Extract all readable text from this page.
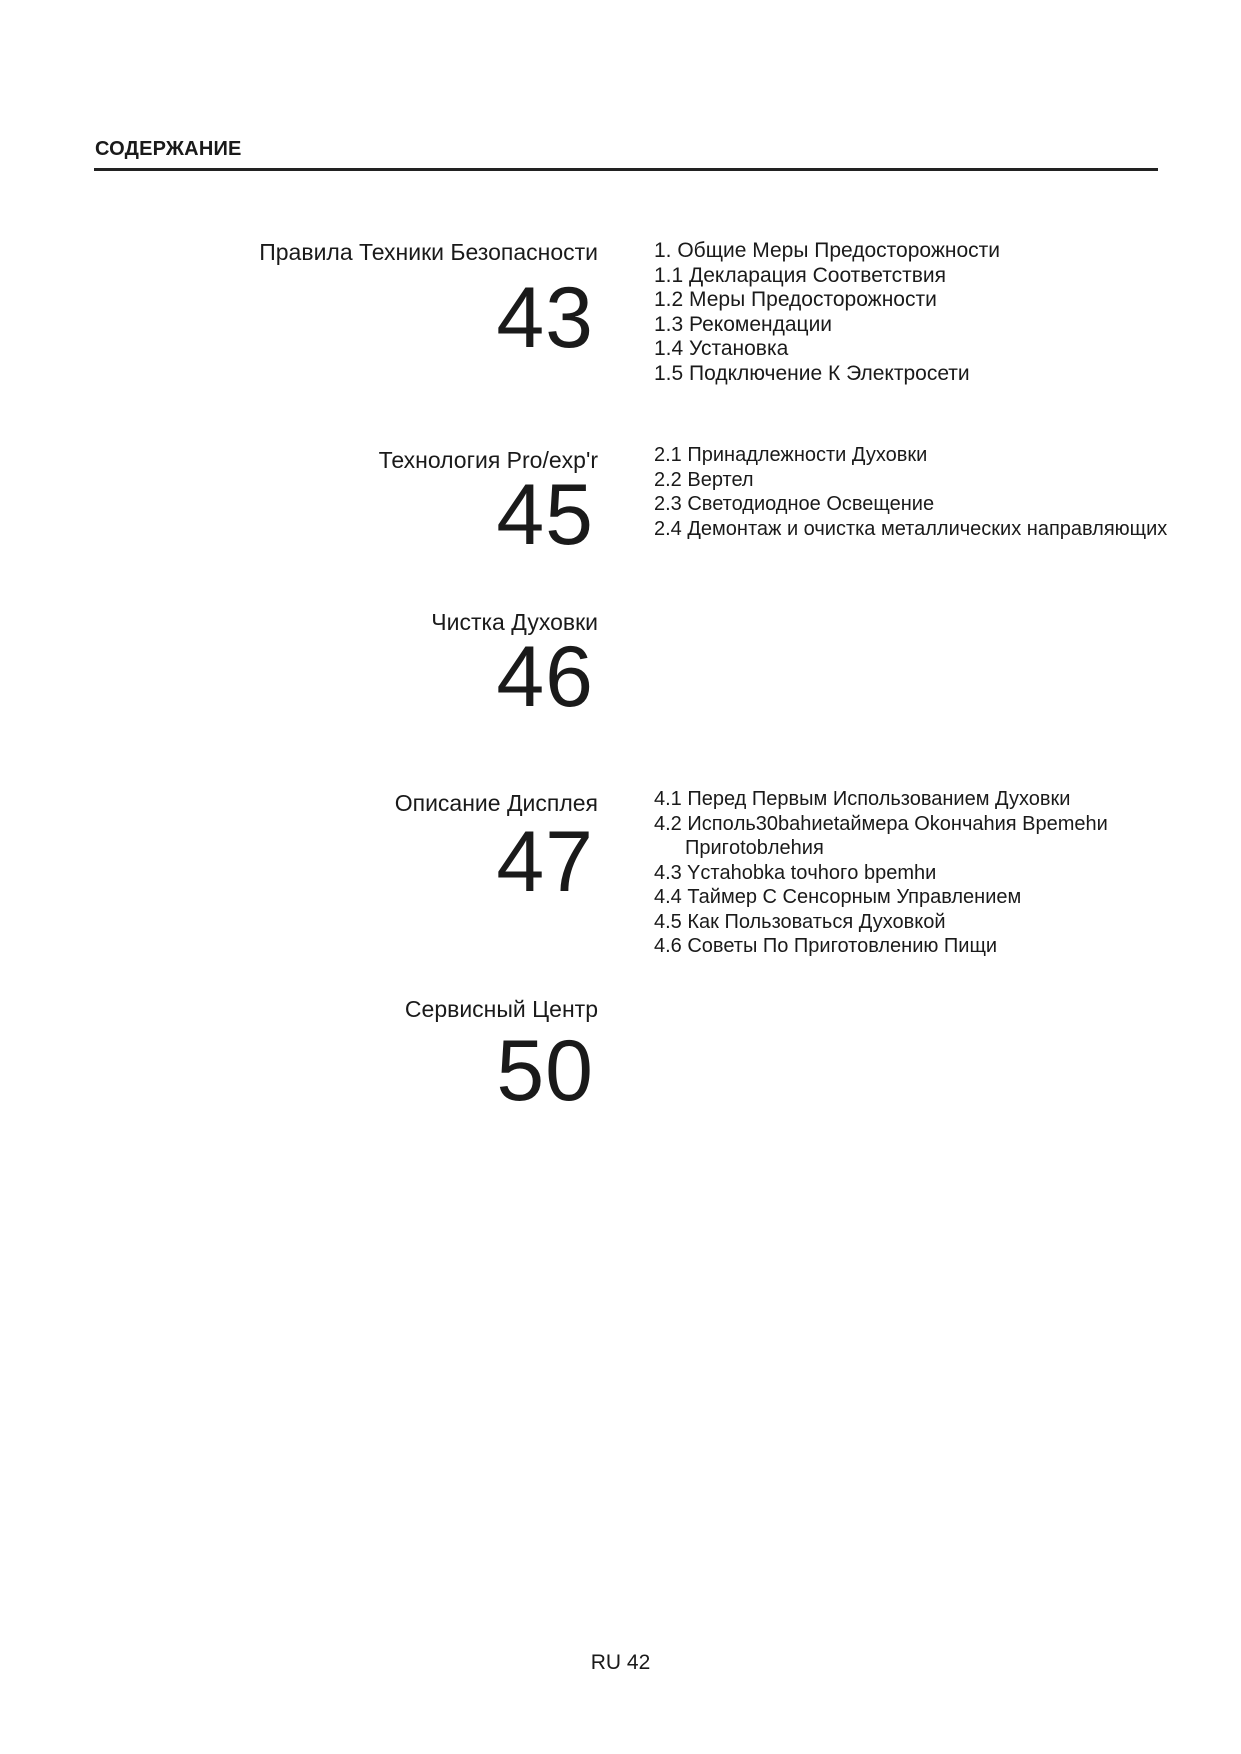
СОДЕРЖАНИЕ
Правила Техники Безопасности
43
1. Общие Меры Предосторожности
1.1 Декларация Соответствия
1.2 Меры Предосторожности
1.3 Рекомендации
1.4 Установка
1.5 Подключение К Электросети
Технология Pro/exp'r
45
2.1 Принадлежности Духовки
2.2 Вертел
2.3 Светодиодное Освещение
2.4 Демонтаж и очистка металлических направляющих
Чистка Духовки
46
Описание Дисплея
47
4.1 Перед Первым Использованием Духовки
4.2 Испoль30bahиetaймера Okoнчahия Bpemehи
Пригotobлehия
4.3 Ycтahobka toчhoгo bpemhи
4.4 Таймер С Сенсорным Управлением
4.5 Как Пользоваться Духовкой
4.6 Советы По Приготовлению Пищи
Сервисный Центр
50
RU 42
